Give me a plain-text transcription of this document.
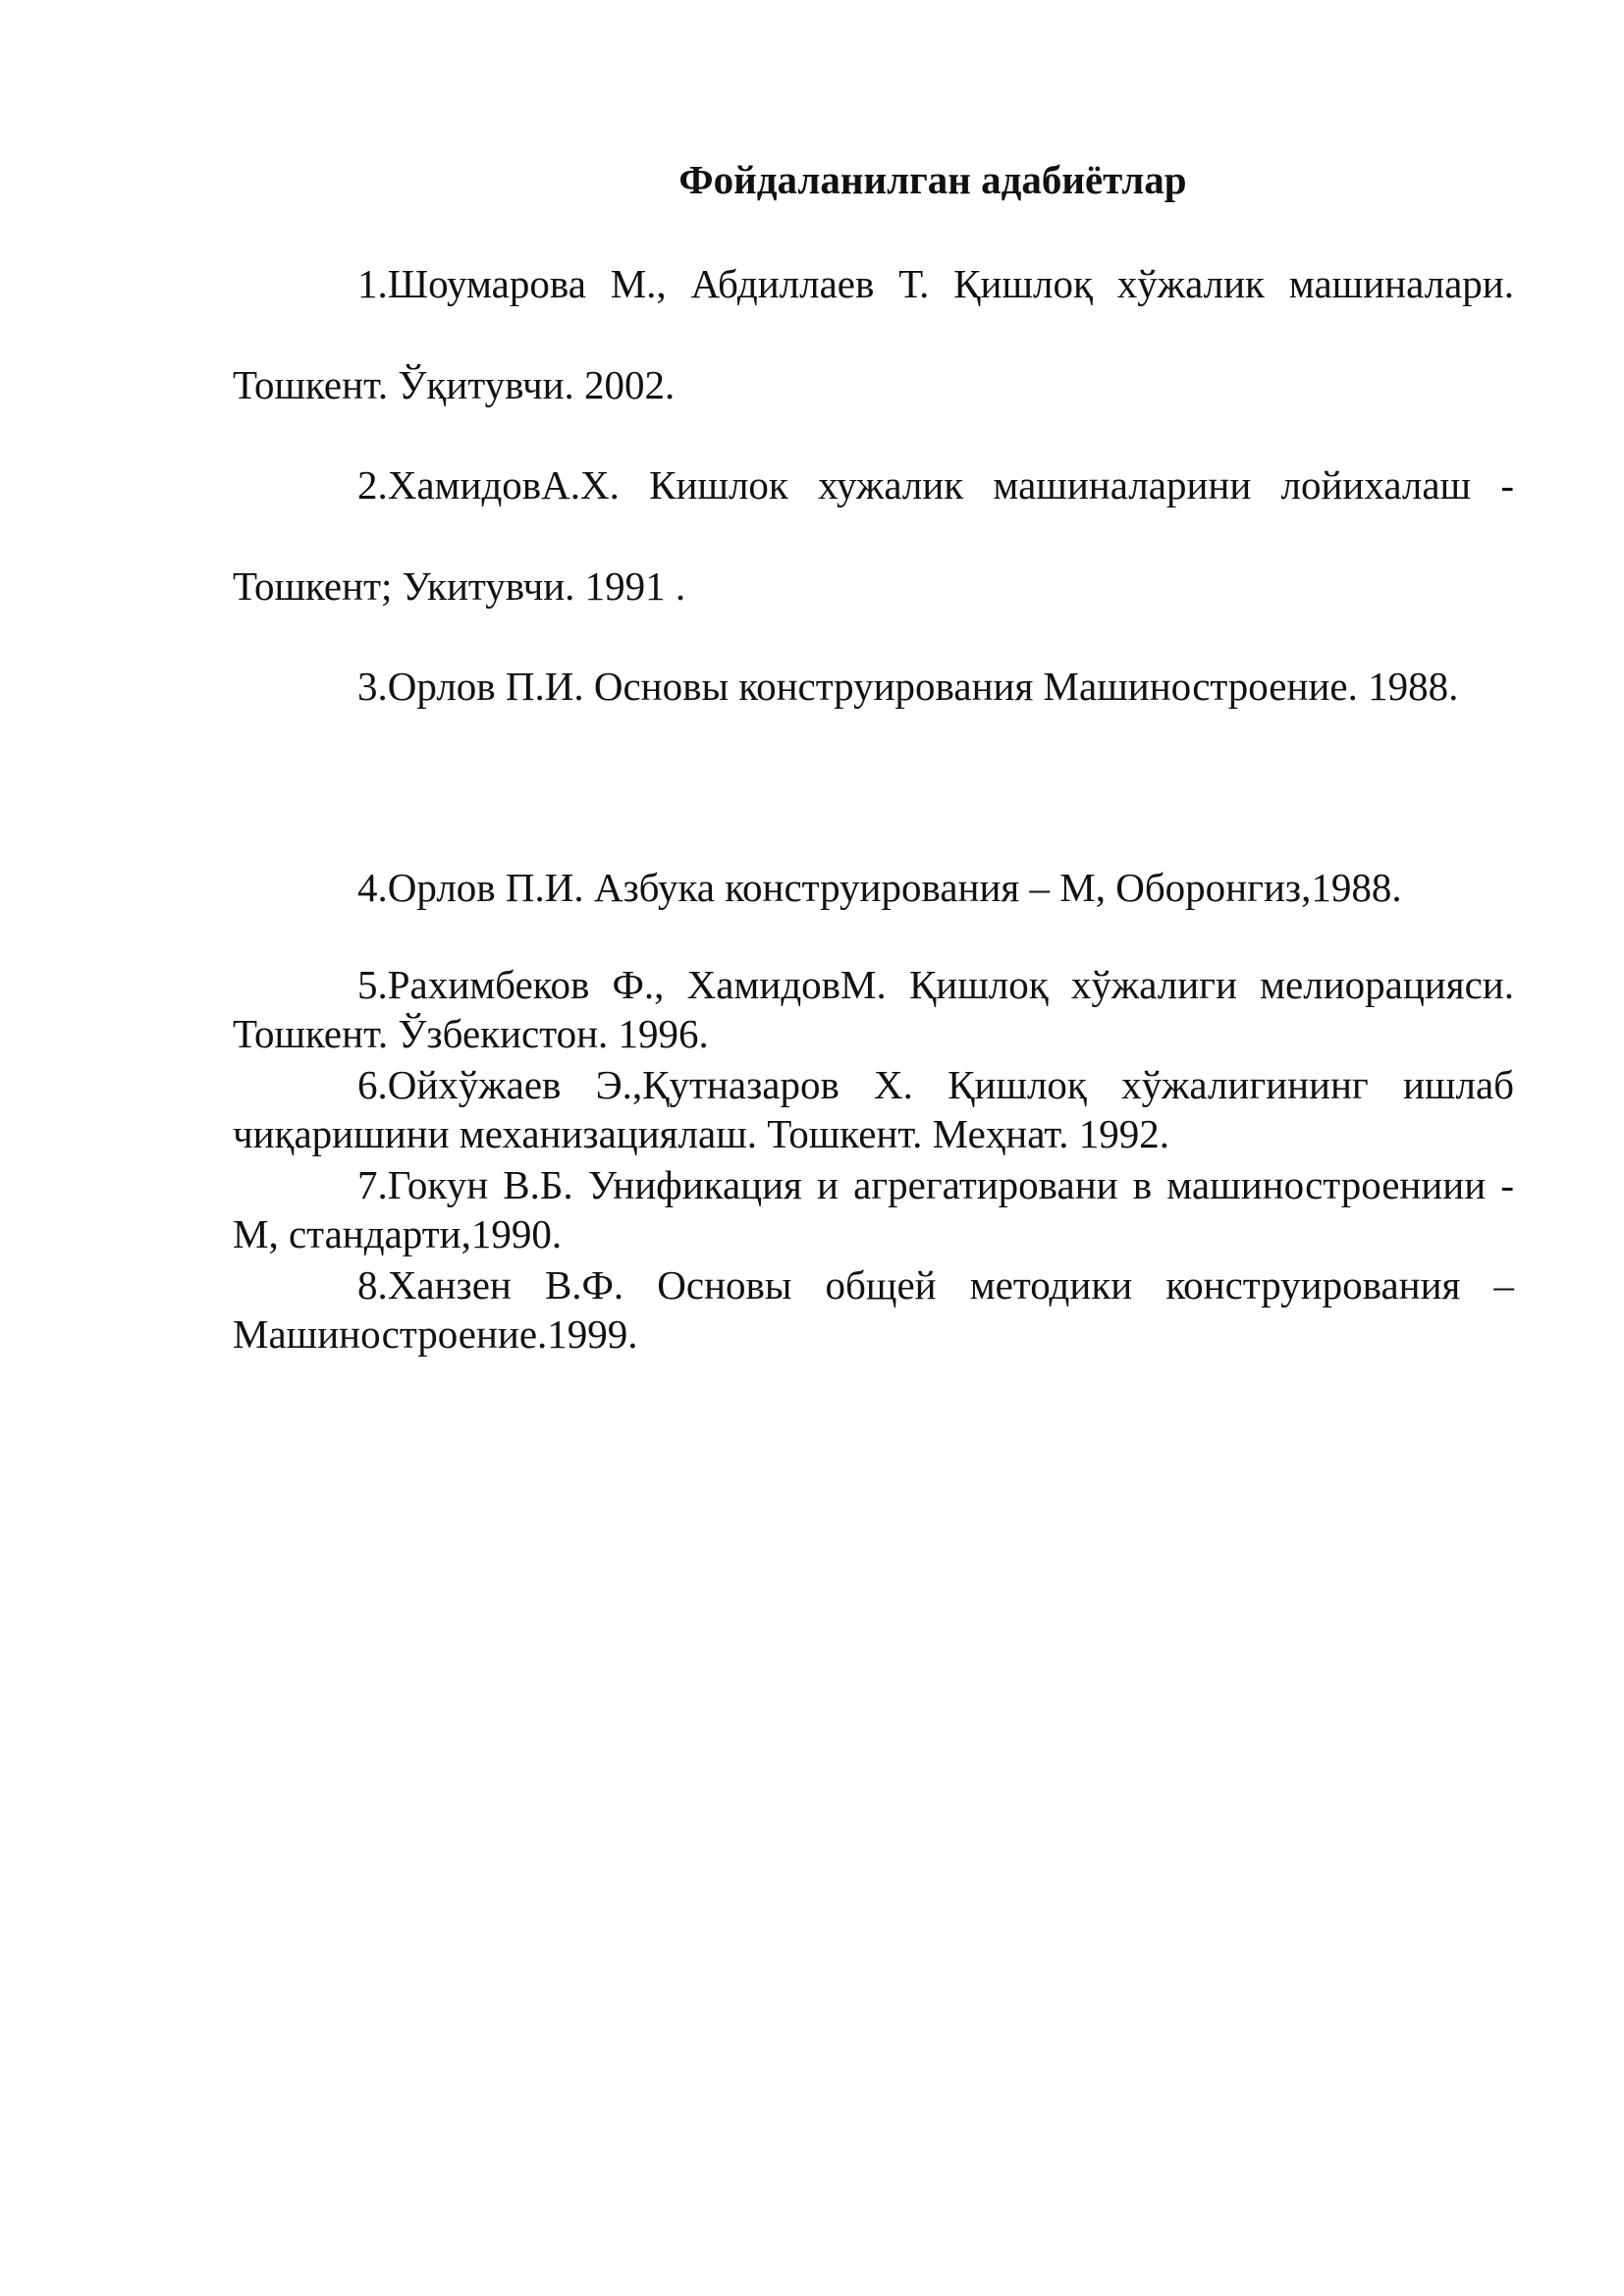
Фойдаланилган адабиётлар

1.Шоумарова М., Абдиллаев Т. Қишлоқ хўжалик машиналари. Тошкент. Ўқитувчи. 2002.

2.ХамидовА.Х. Кишлок хужалик машиналарини лойихалаш - Тошкент; Укитувчи. 1991 .

3.Орлов П.И. Основы конструирования Машиностроение. 1988.

4.Орлов П.И. Азбука конструирования – М, Оборонгиз,1988.

5.Рахимбеков Ф., ХамидовМ. Қишлоқ хўжалиги мелиорацияси. Тошкент. Ўзбекистон. 1996.

6.Ойхўжаев Э.,Қутназаров Х. Қишлоқ хўжалигининг ишлаб чиқаришини механизациялаш. Тошкент. Меҳнат. 1992.

7.Гокун В.Б. Унификация и агрегатировани в машиностроениии - М, стандарти,1990.

8.Ханзен В.Ф. Основы общей методики конструирования – Машиностроение.1999.
